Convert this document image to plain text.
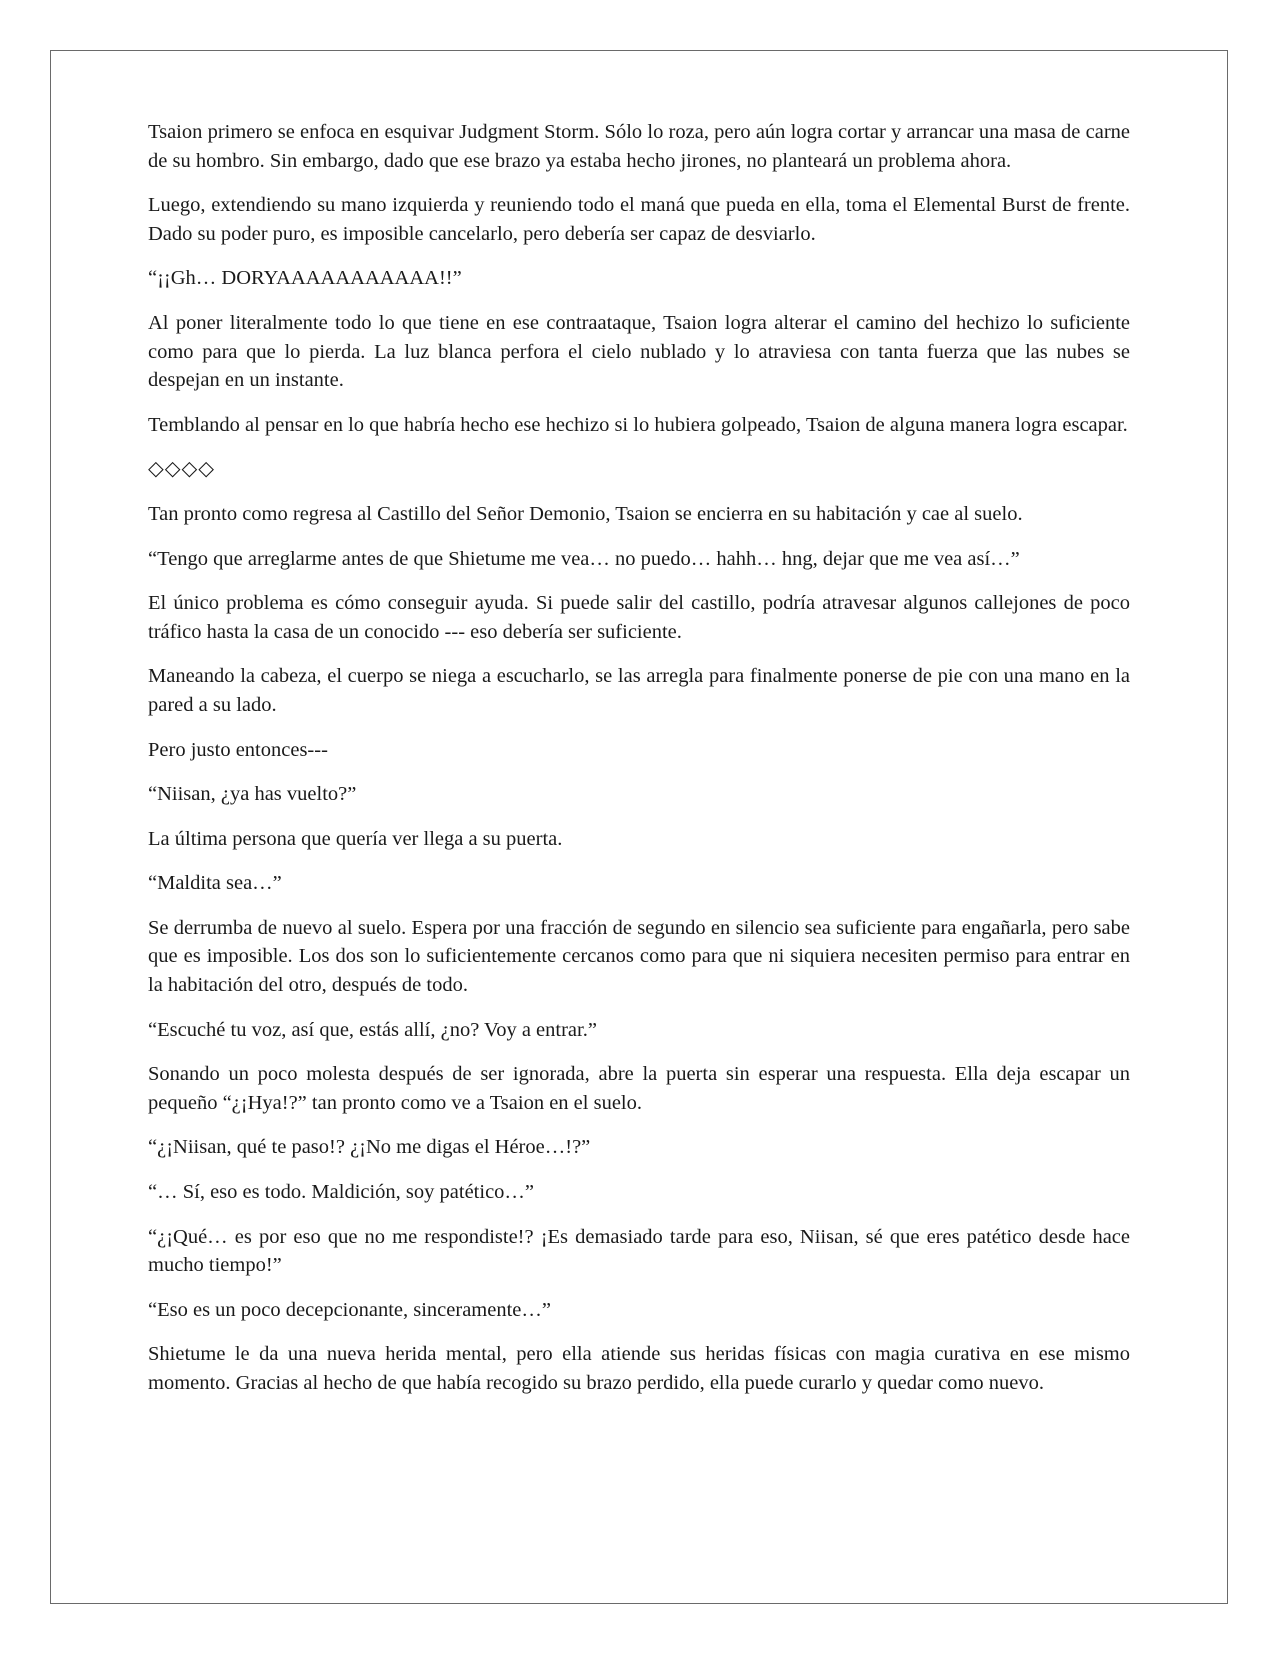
Tsaion primero se enfoca en esquivar Judgment Storm. Sólo lo roza, pero aún logra cortar y arrancar una masa de carne de su hombro. Sin embargo, dado que ese brazo ya estaba hecho jirones, no planteará un problema ahora.

Luego, extendiendo su mano izquierda y reuniendo todo el maná que pueda en ella, toma el Elemental Burst de frente. Dado su poder puro, es imposible cancelarlo, pero debería ser capaz de desviarlo.

“¡¡Gh… DORYAAAAAAAAAAA!!”

Al poner literalmente todo lo que tiene en ese contraataque, Tsaion logra alterar el camino del hechizo lo suficiente como para que lo pierda. La luz blanca perfora el cielo nublado y lo atraviesa con tanta fuerza que las nubes se despejan en un instante.

Temblando al pensar en lo que habría hecho ese hechizo si lo hubiera golpeado, Tsaion de alguna manera logra escapar.

◇◇◇◇

Tan pronto como regresa al Castillo del Señor Demonio, Tsaion se encierra en su habitación y cae al suelo.

“Tengo que arreglarme antes de que Shietume me vea… no puedo… hahh… hng, dejar que me vea así…”

El único problema es cómo conseguir ayuda. Si puede salir del castillo, podría atravesar algunos callejones de poco tráfico hasta la casa de un conocido --- eso debería ser suficiente.

Maneando la cabeza, el cuerpo se niega a escucharlo, se las arregla para finalmente ponerse de pie con una mano en la pared a su lado.

Pero justo entonces---

“Niisan, ¿ya has vuelto?”

La última persona que quería ver llega a su puerta.

“Maldita sea…”

Se derrumba de nuevo al suelo. Espera por una fracción de segundo en silencio sea suficiente para engañarla, pero sabe que es imposible. Los dos son lo suficientemente cercanos como para que ni siquiera necesiten permiso para entrar en la habitación del otro, después de todo.

“Escuché tu voz, así que, estás allí, ¿no? Voy a entrar.”

Sonando un poco molesta después de ser ignorada, abre la puerta sin esperar una respuesta. Ella deja escapar un pequeño “¿¡Hya!?” tan pronto como ve a Tsaion en el suelo.

“¿¡Niisan, qué te paso!? ¿¡No me digas el Héroe…!?”

“… Sí, eso es todo. Maldición, soy patético…”

“¿¡Qué… es por eso que no me respondiste!? ¡Es demasiado tarde para eso, Niisan, sé que eres patético desde hace mucho tiempo!”

“Eso es un poco decepcionante, sinceramente…”

Shietume le da una nueva herida mental, pero ella atiende sus heridas físicas con magia curativa en ese mismo momento. Gracias al hecho de que había recogido su brazo perdido, ella puede curarlo y quedar como nuevo.
